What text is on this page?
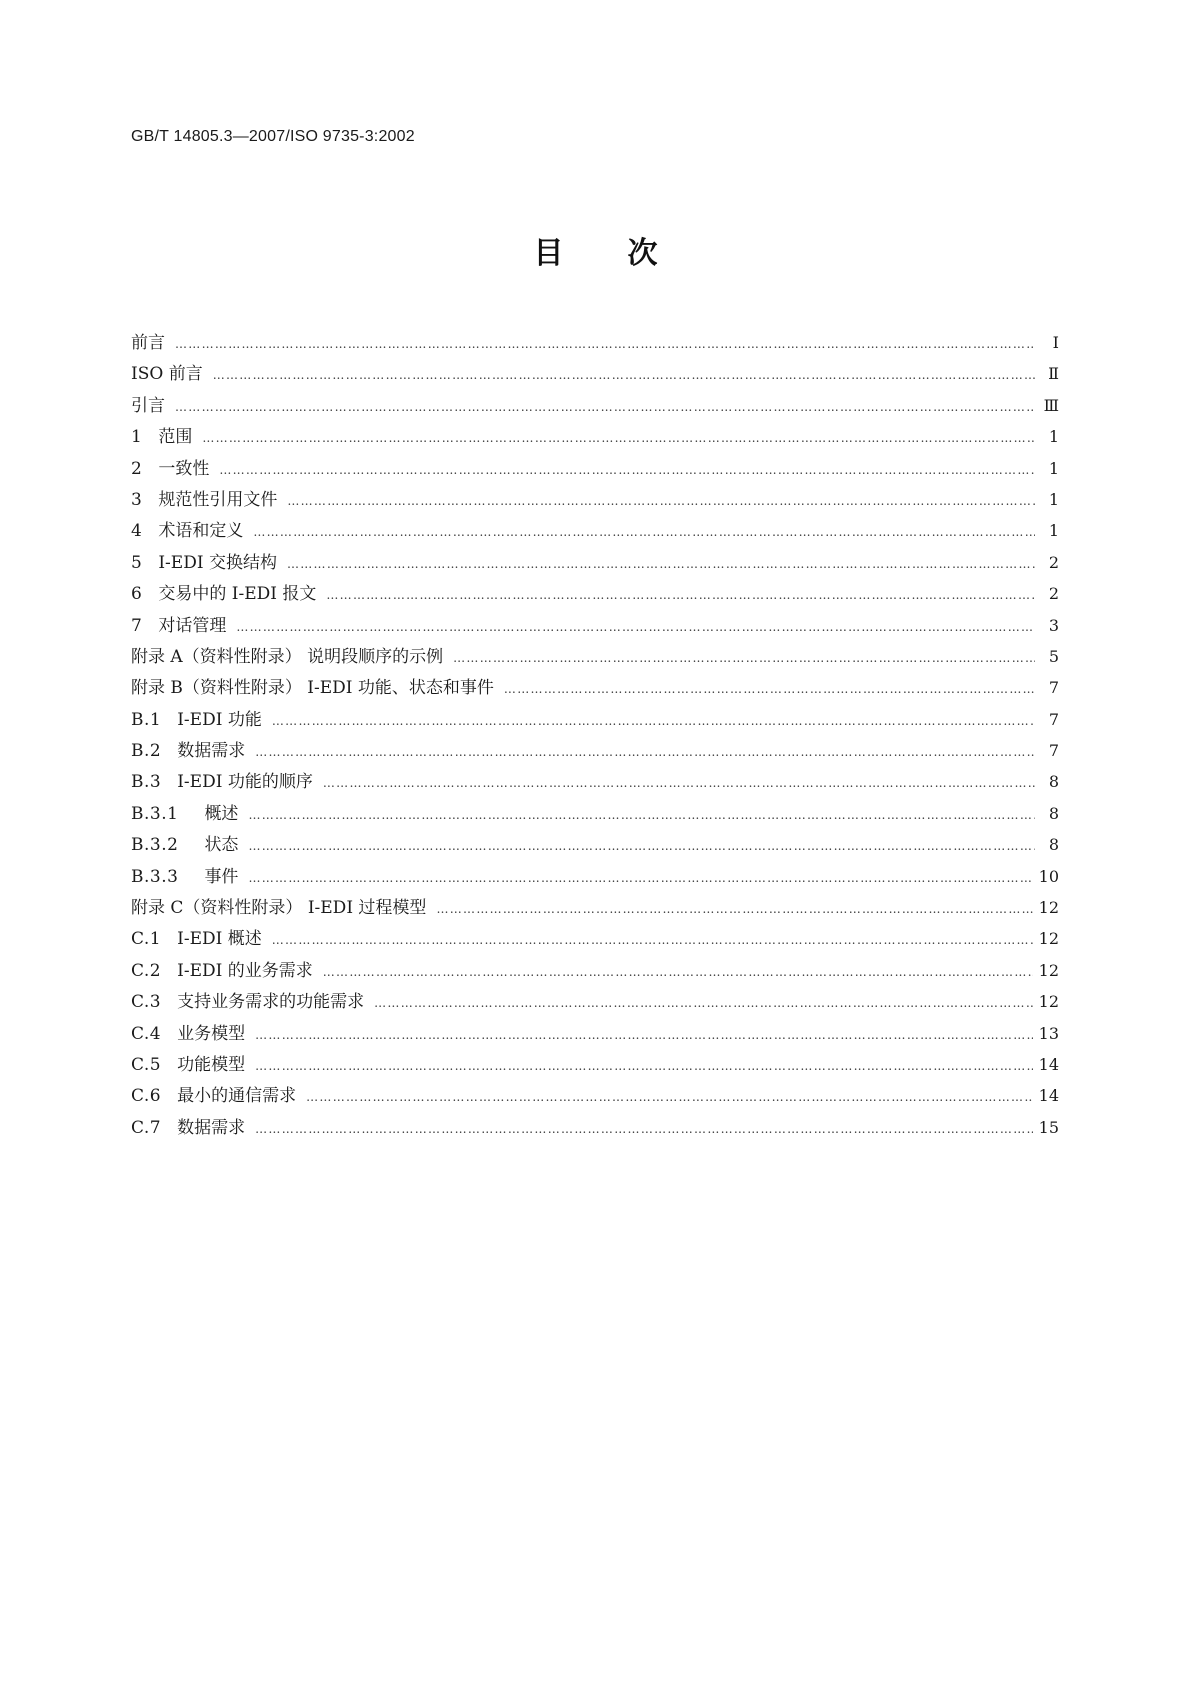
GB/T 14805.3—2007/ISO 9735-3:2002
目次
前言 ……………………………………………………………………………………………………………………………………………………………………………………………………	Ⅰ
ISO 前言 ……………………………………………………………………………………………………………………………………………………………………………………………………	Ⅱ
引言 ……………………………………………………………………………………………………………………………………………………………………………………………………	Ⅲ
1 范围 ……………………………………………………………………………………………………………………………………………………………………………………………………	1
2 一致性 ……………………………………………………………………………………………………………………………………………………………………………………………………	1
3 规范性引用文件 ……………………………………………………………………………………………………………………………………………………………………………………………………	1
4 术语和定义 ……………………………………………………………………………………………………………………………………………………………………………………………………	1
5 I-EDI 交换结构 ……………………………………………………………………………………………………………………………………………………………………………………………………	2
6 交易中的 I-EDI 报文 ……………………………………………………………………………………………………………………………………………………………………………………………………	2
7 对话管理 ……………………………………………………………………………………………………………………………………………………………………………………………………	3
附录 A（资料性附录） 说明段顺序的示例 ……………………………………………………………………………………………………………………………………………………………………………………………………	5
附录 B（资料性附录） I-EDI 功能、状态和事件 ……………………………………………………………………………………………………………………………………………………………………………………………………	7
B.1 I-EDI 功能 ……………………………………………………………………………………………………………………………………………………………………………………………………	7
B.2 数据需求 ……………………………………………………………………………………………………………………………………………………………………………………………………	7
B.3 I-EDI 功能的顺序 ……………………………………………………………………………………………………………………………………………………………………………………………………	8
B.3.1 概述 ……………………………………………………………………………………………………………………………………………………………………………………………………	8
B.3.2 状态 ……………………………………………………………………………………………………………………………………………………………………………………………………	8
B.3.3 事件 ……………………………………………………………………………………………………………………………………………………………………………………………………	10
附录 C（资料性附录） I-EDI 过程模型 ……………………………………………………………………………………………………………………………………………………………………………………………………	12
C.1 I-EDI 概述 ……………………………………………………………………………………………………………………………………………………………………………………………………	12
C.2 I-EDI 的业务需求 ……………………………………………………………………………………………………………………………………………………………………………………………………	12
C.3 支持业务需求的功能需求 ……………………………………………………………………………………………………………………………………………………………………………………………………	12
C.4 业务模型 ……………………………………………………………………………………………………………………………………………………………………………………………………	13
C.5 功能模型 ……………………………………………………………………………………………………………………………………………………………………………………………………	14
C.6 最小的通信需求 ……………………………………………………………………………………………………………………………………………………………………………………………………	14
C.7 数据需求 ……………………………………………………………………………………………………………………………………………………………………………………………………	15
